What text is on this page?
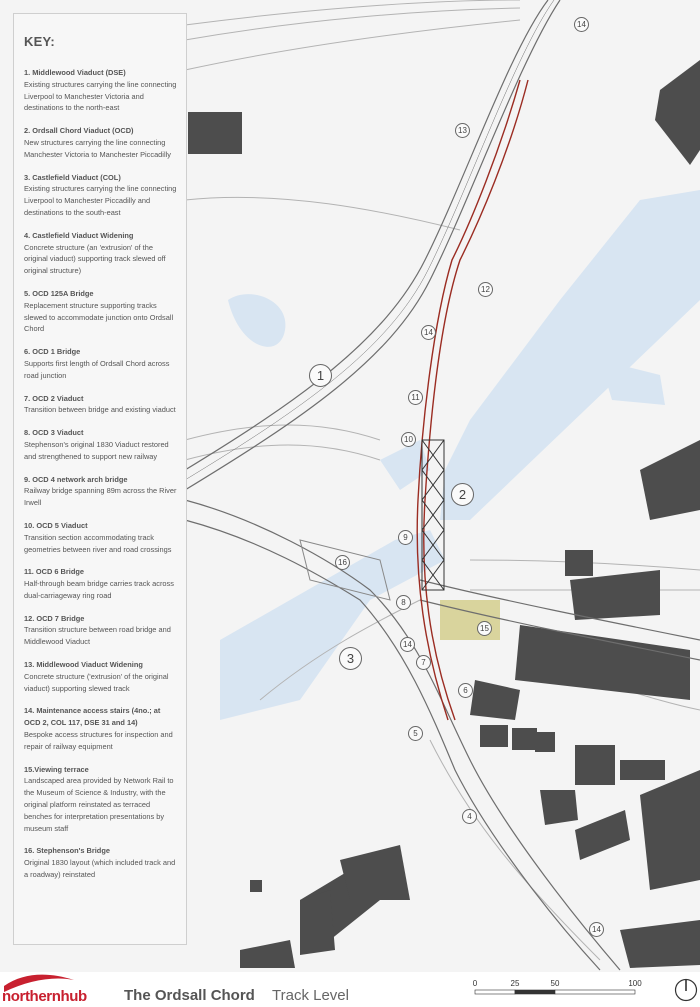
KEY:
1. Middlewood Viaduct (DSE)
Existing structures carrying the line connecting Liverpool to Manchester Victoria and destinations to the north-east
2. Ordsall Chord Viaduct (OCD)
New structures carrying the line connecting Manchester Victoria to Manchester Piccadilly
3. Castlefield Viaduct (COL)
Existing structures carrying the line connecting Liverpool to Manchester Piccadilly and destinations to the south-east
4. Castlefield Viaduct Widening
Concrete structure (an 'extrusion' of the original viaduct) supporting track slewed off original structure)
5. OCD 125A Bridge
Replacement structure supporting tracks slewed to accommodate junction onto Ordsall Chord
6. OCD 1 Bridge
Supports first length of Ordsall Chord across road junction
7. OCD 2 Viaduct
Transition between bridge and existing viaduct
8. OCD 3 Viaduct
Stephenson's original 1830 Viaduct restored and strengthened to support new railway
9. OCD 4 network arch bridge
Railway bridge spanning 89m across the River Irwell
10. OCD 5 Viaduct
Transition section accommodating track geometries between river and road crossings
11. OCD 6 Bridge
Half-through beam bridge carries track across dual-carriageway ring road
12. OCD 7 Bridge
Transition structure between road bridge and Middlewood Viaduct
13. Middlewood Viaduct Widening
Concrete structure ('extrusion' of the original viaduct) supporting slewed track
14. Maintenance access stairs (4no.; at OCD 2, COL 117, DSE 31 and 14)
Bespoke access structures for inspection and repair of railway equipment
15.Viewing terrace
Landscaped area provided by Network Rail to the Museum of Science & Industry, with the original platform reinstated as terraced benches for interpretation presentations by museum staff
16. Stephenson's Bridge
Original 1830 layout (which included track and a roadway) reinstated
1
2
3
4
5
6
7
8
9
10
11
12
13
14
14
14
14
15
16
northernhub The Ordsall Chord Track Level
0	25	50	100
